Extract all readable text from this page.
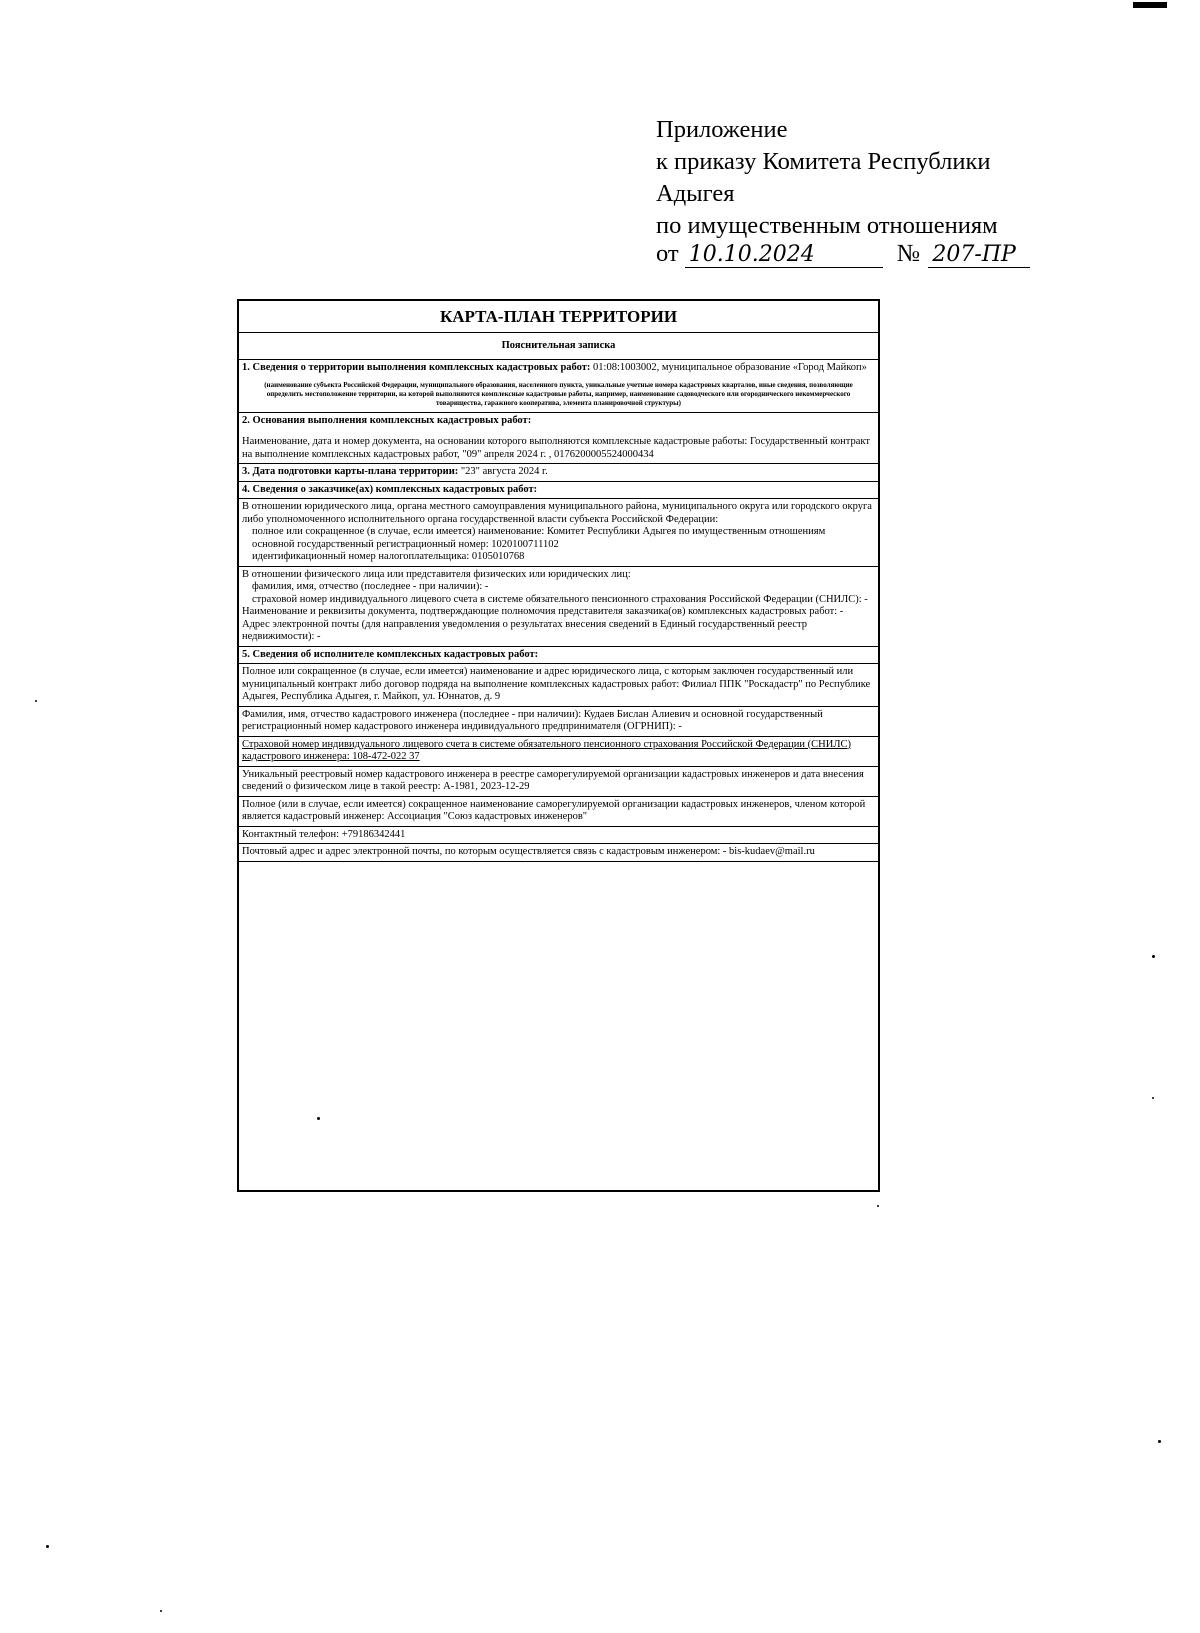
Приложение
к приказу Комитета Республики
Адыгея
по имущественным отношениям
от 10.10.2024	№ 207-ПР
КАРТА-ПЛАН ТЕРРИТОРИИ
Пояснительная записка

1. Сведения о территории выполнения комплексных кадастровых работ: 01:08:1003002, муниципальное образование «Город Майкоп»

(наименование субъекта Российской Федерации, муниципального образования, населенного пункта, уникальные учетные номера кадастровых кварталов, иные сведения, позволяющие определить местоположение территории, на которой выполняются комплексные кадастровые работы, например, наименование садоводческого или огороднического некоммерческого товарищества, гаражного кооператива, элемента планировочной структуры)

2. Основания выполнения комплексных кадастровых работ:

Наименование, дата и номер документа, на основании которого выполняются комплексные кадастровые работы: Государственный контракт на выполнение комплексных кадастровых работ, "09" апреля 2024 г. , 0176200005524000434

3. Дата подготовки карты-плана территории: "23" августа 2024 г.

4. Сведения о заказчике(ах) комплексных кадастровых работ:

В отношении юридического лица, органа местного самоуправления муниципального района, муниципального округа или городского округа либо уполномоченного исполнительного органа государственной власти субъекта Российской Федерации:

полное или сокращенное (в случае, если имеется) наименование: Комитет Республики Адыгея по имущественным отношениям

основной государственный регистрационный номер: 1020100711102

идентификационный номер налогоплательщика: 0105010768

В отношении физического лица или представителя физических или юридических лиц:

фамилия, имя, отчество (последнее - при наличии): -

страховой номер индивидуального лицевого счета в системе обязательного пенсионного страхования Российской Федерации (СНИЛС): -

Наименование и реквизиты документа, подтверждающие полномочия представителя заказчика(ов) комплексных кадастровых работ: -

Адрес электронной почты (для направления уведомления о результатах внесения сведений в Единый государственный реестр недвижимости): -

5. Сведения об исполнителе комплексных кадастровых работ:

Полное или сокращенное (в случае, если имеется) наименование и адрес юридического лица, с которым заключен государственный или муниципальный контракт либо договор подряда на выполнение комплексных кадастровых работ: Филиал ППК "Роскадастр" по Республике Адыгея, Республика Адыгея, г. Майкоп, ул. Юннатов, д. 9

Фамилия, имя, отчество кадастрового инженера (последнее - при наличии): Кудаев Бислан Алиевич и основной государственный регистрационный номер кадастрового инженера индивидуального предпринимателя (ОГРНИП): -

Страховой номер индивидуального лицевого счета в системе обязательного пенсионного страхования Российской Федерации (СНИЛС) кадастрового инженера: 108-472-022 37

Уникальный реестровый номер кадастрового инженера в реестре саморегулируемой организации кадастровых инженеров и дата внесения сведений о физическом лице в такой реестр: А-1981, 2023-12-29

Полное (или в случае, если имеется) сокращенное наименование саморегулируемой организации кадастровых инженеров, членом которой является кадастровый инженер: Ассоциация "Союз кадастровых инженеров"

Контактный телефон: +79186342441

Почтовый адрес и адрес электронной почты, по которым осуществляется связь с кадастровым инженером: - bis-kudaev@mail.ru
